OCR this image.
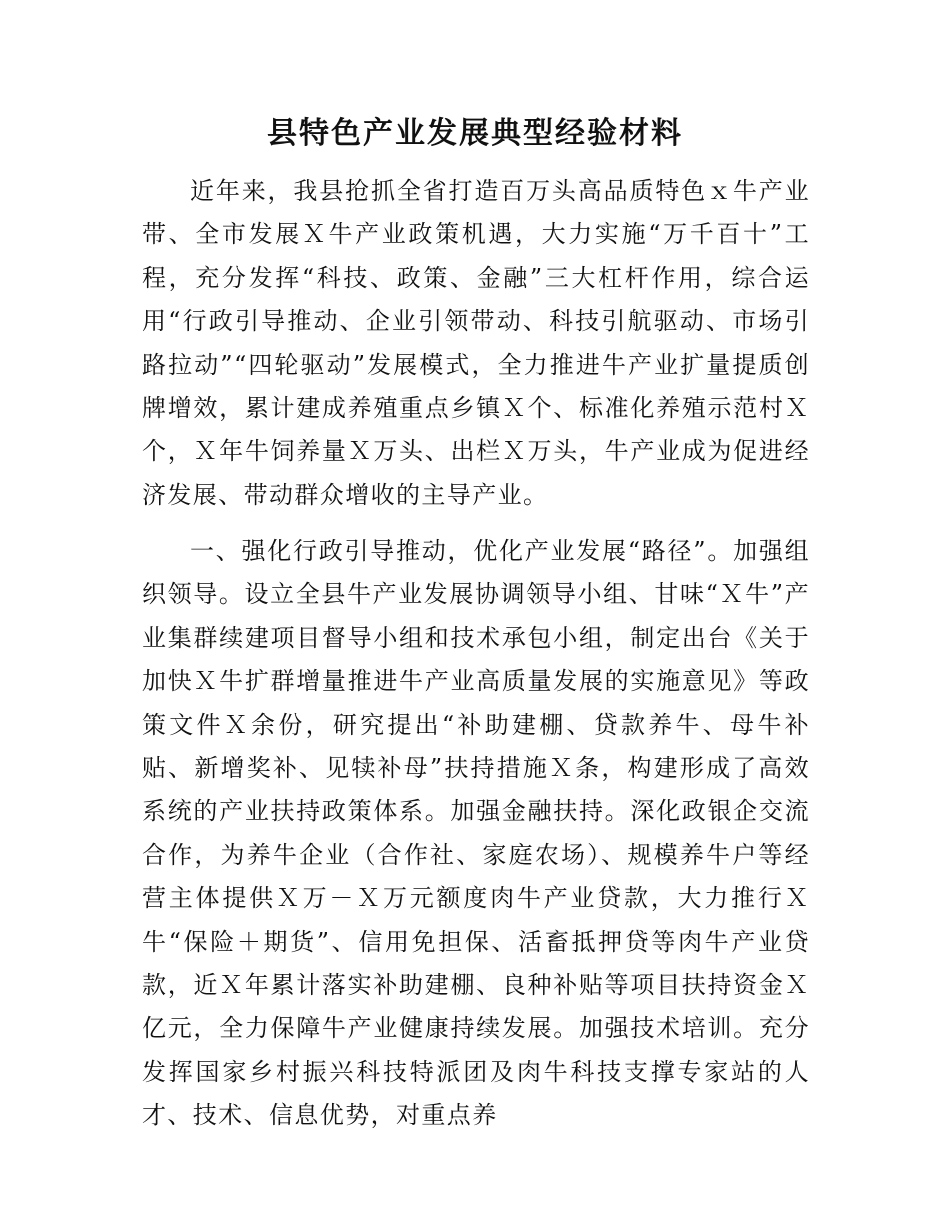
县特色产业发展典型经验材料

近年来，我县抢抓全省打造百万头高品质特色ｘ牛产业带、全市发展Ｘ牛产业政策机遇，大力实施“万千百十”工程，充分发挥“科技、政策、金融”三大杠杆作用，综合运用“行政引导推动、企业引领带动、科技引航驱动、市场引路拉动”“四轮驱动”发展模式，全力推进牛产业扩量提质创牌增效，累计建成养殖重点乡镇Ｘ个、标准化养殖示范村Ｘ个，Ｘ年牛饲养量Ｘ万头、出栏Ｘ万头，牛产业成为促进经济发展、带动群众增收的主导产业。

一、强化行政引导推动，优化产业发展“路径”。加强组织领导。设立全县牛产业发展协调领导小组、甘味“Ｘ牛”产业集群续建项目督导小组和技术承包小组，制定出台《关于加快Ｘ牛扩群增量推进牛产业高质量发展的实施意见》等政策文件Ｘ余份，研究提出“补助建棚、贷款养牛、母牛补贴、新增奖补、见犊补母”扶持措施Ｘ条，构建形成了高效系统的产业扶持政策体系。加强金融扶持。深化政银企交流合作，为养牛企业（合作社、家庭农场）、规模养牛户等经营主体提供Ｘ万－Ｘ万元额度肉牛产业贷款，大力推行Ｘ牛“保险＋期货”、信用免担保、活畜抵押贷等肉牛产业贷款，近Ｘ年累计落实补助建棚、良种补贴等项目扶持资金Ｘ亿元，全力保障牛产业健康持续发展。加强技术培训。充分发挥国家乡村振兴科技特派团及肉牛科技支撑专家站的人才、技术、信息优势，对重点养
